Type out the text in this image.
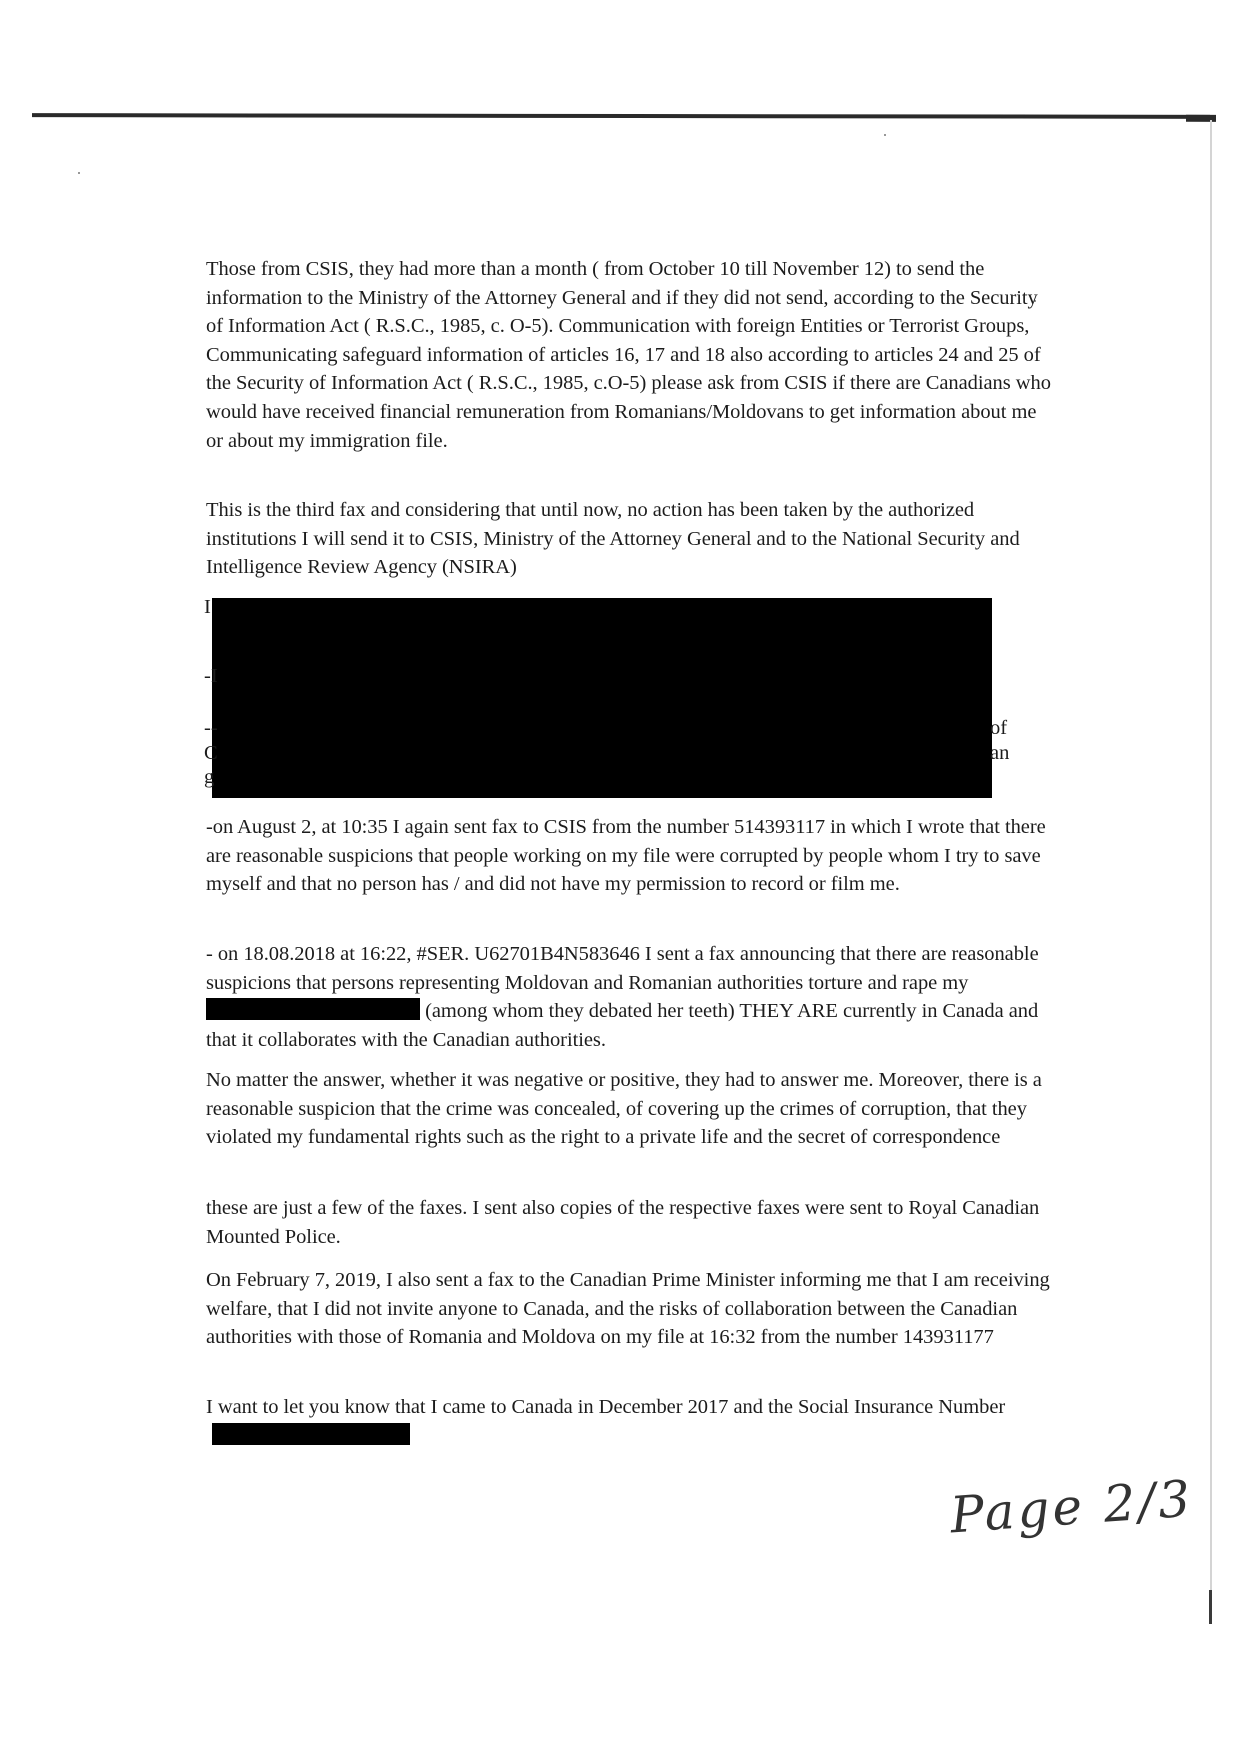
Those from CSIS, they had more than a month ( from October 10 till November 12) to send the information to the Ministry of the Attorney General and if they did not send, according to the Security of Information Act ( R.S.C., 1985, c. O-5). Communication with foreign Entities or Terrorist Groups, Communicating safeguard information of articles 16, 17 and 18 also according to articles 24 and 25 of the Security of Information Act ( R.S.C., 1985, c.O-5) please ask from CSIS if there are Canadians who would have received financial remuneration from Romanians/Moldovans to get information about me or about my immigration file.

This is the third fax and considering that until now, no action has been taken by the authorized institutions I will send it to CSIS, Ministry of the Attorney General and to the National Security and Intelligence Review Agency (NSIRA)

I
-I
--
C
g
of
an

-on August 2, at 10:35 I again sent fax to CSIS from the number 514393117 in which I wrote that there are reasonable suspicions that people working on my file were corrupted by people whom I try to save myself and that no person has / and did not have my permission to record or film me.

- on 18.08.2018 at 16:22, #SER. U62701B4N583646 I sent a fax announcing that there are reasonable suspicions that persons representing Moldovan and Romanian authorities torture and rape my  (among whom they debated her teeth) THEY ARE currently in Canada and that it collaborates with the Canadian authorities.

No matter the answer, whether it was negative or positive, they had to answer me. Moreover, there is a reasonable suspicion that the crime was concealed, of covering up the crimes of corruption, that they violated my fundamental rights such as the right to a private life and the secret of correspondence

these are just a few of the faxes. I sent also copies of the respective faxes were sent to Royal Canadian Mounted Police.

On February 7, 2019, I also sent a fax to the Canadian Prime Minister informing me that I am receiving welfare, that I did not invite anyone to Canada, and the risks of collaboration between the Canadian authorities with those of Romania and Moldova on my file at 16:32 from the number 143931177

I want to let you know that I came to Canada in December 2017 and the Social Insurance Number

Page 2/3
